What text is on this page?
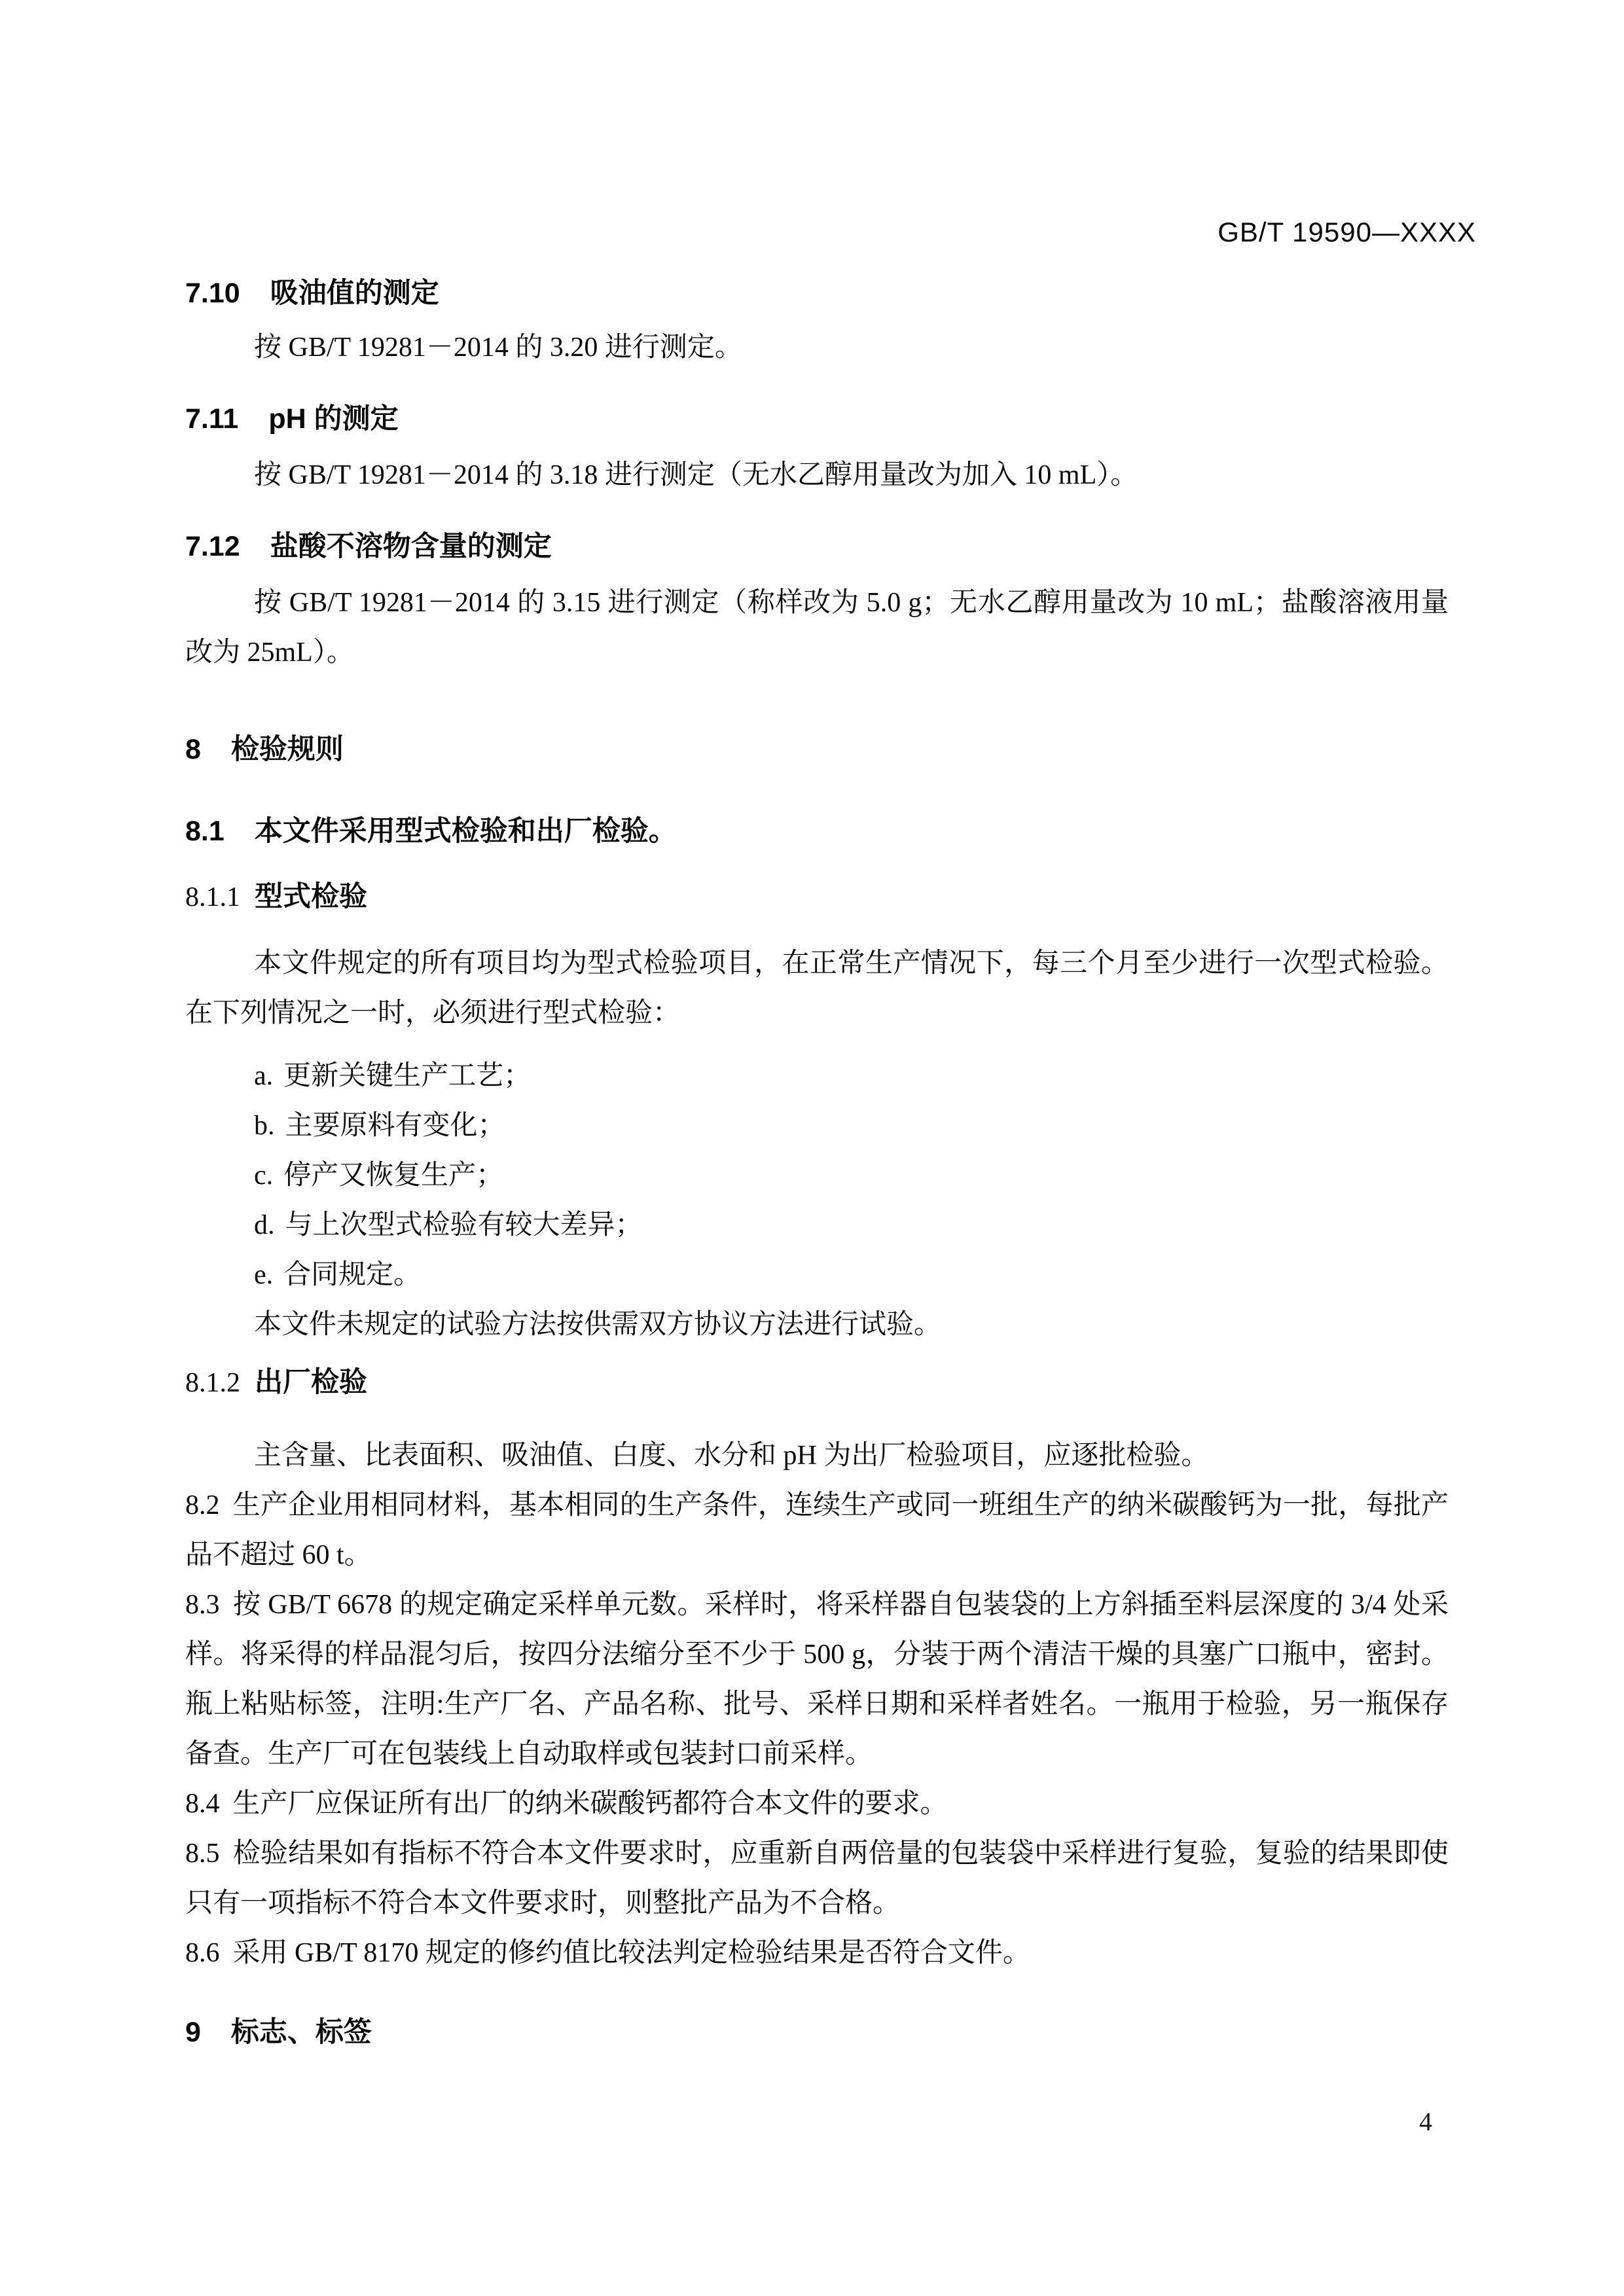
GB/T 19590—XXXX
7.10 吸油值的测定

按 GB/T 19281－2014 的 3.20 进行测定。

7.11 pH 的测定

按 GB/T 19281－2014 的 3.18 进行测定（无水乙醇用量改为加入 10 mL）。

7.12 盐酸不溶物含量的测定

按 GB/T 19281－2014 的 3.15 进行测定（称样改为 5.0 g；无水乙醇用量改为 10 mL；盐酸溶液用量改为 25mL）。

8 检验规则
8.1 本文件采用型式检验和出厂检验。
8.1.1 型式检验

本文件规定的所有项目均为型式检验项目，在正常生产情况下，每三个月至少进行一次型式检验。在下列情况之一时，必须进行型式检验：

a. 更新关键生产工艺；
b. 主要原料有变化；
c. 停产又恢复生产；
d. 与上次型式检验有较大差异；
e. 合同规定。

本文件未规定的试验方法按供需双方协议方法进行试验。

8.1.2 出厂检验

主含量、比表面积、吸油值、白度、水分和 pH 为出厂检验项目，应逐批检验。

8.2 生产企业用相同材料，基本相同的生产条件，连续生产或同一班组生产的纳米碳酸钙为一批，每批产品不超过 60 t。

8.3 按 GB/T 6678 的规定确定采样单元数。采样时，将采样器自包装袋的上方斜插至料层深度的 3/4 处采样。将采得的样品混匀后，按四分法缩分至不少于 500 g，分装于两个清洁干燥的具塞广口瓶中，密封。瓶上粘贴标签，注明:生产厂名、产品名称、批号、采样日期和采样者姓名。一瓶用于检验，另一瓶保存备查。生产厂可在包装线上自动取样或包装封口前采样。

8.4 生产厂应保证所有出厂的纳米碳酸钙都符合本文件的要求。

8.5 检验结果如有指标不符合本文件要求时，应重新自两倍量的包装袋中采样进行复验，复验的结果即使只有一项指标不符合本文件要求时，则整批产品为不合格。

8.6 采用 GB/T 8170 规定的修约值比较法判定检验结果是否符合文件。

9 标志、标签
4
